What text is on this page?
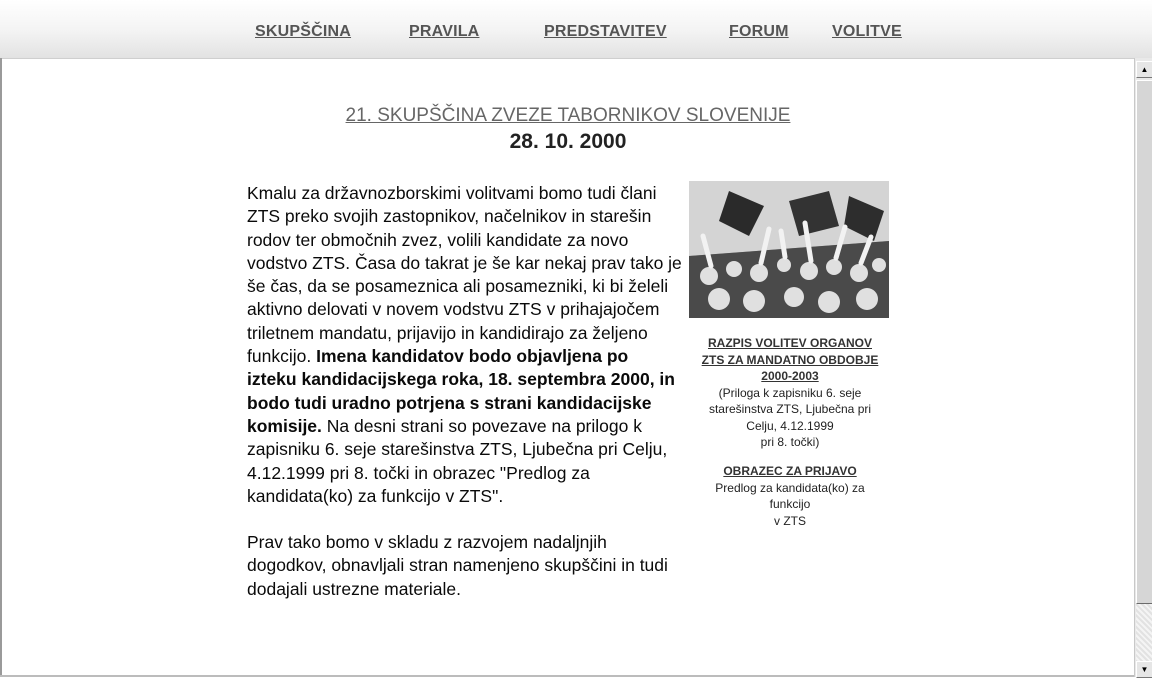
SKUPŠČINA	PRAVILA	PREDSTAVITEV	FORUM	VOLITVE
21. SKUPŠČINA ZVEZE TABORNIKOV SLOVENIJE
28. 10. 2000

Kmalu za državnozborskimi volitvami bomo tudi člani ZTS preko svojih zastopnikov, načelnikov in starešin rodov ter območnih zvez, volili kandidate za novo vodstvo ZTS. Časa do takrat je še kar nekaj prav tako je še čas, da se posameznica ali posamezniki, ki bi želeli aktivno delovati v novem vodstvu ZTS v prihajajočem triletnem mandatu, prijavijo in kandidirajo za željeno funkcijo. Imena kandidatov bodo objavljena po izteku kandidacijskega roka, 18. septembra 2000, in bodo tudi uradno potrjena s strani kandidacijske komisije. Na desni strani so povezave na prilogo k zapisniku 6. seje starešinstva ZTS, Ljubečna pri Celju, 4.12.1999 pri 8. točki in obrazec "Predlog za kandidata(ko) za funkcijo v ZTS".

Prav tako bomo v skladu z razvojem nadaljnjih dogodkov, obnavljali stran namenjeno skupščini in tudi dodajali ustrezne materiale.

RAZPIS VOLITEV ORGANOV
ZTS ZA MANDATNO OBDOBJE
2000-2003
(Priloga k zapisniku 6. seje
starešinstva ZTS, Ljubečna pri
Celju, 4.12.1999
pri 8. točki)
OBRAZEC ZA PRIJAVO
Predlog za kandidata(ko) za
funkcijo
v ZTS
▲
▼
